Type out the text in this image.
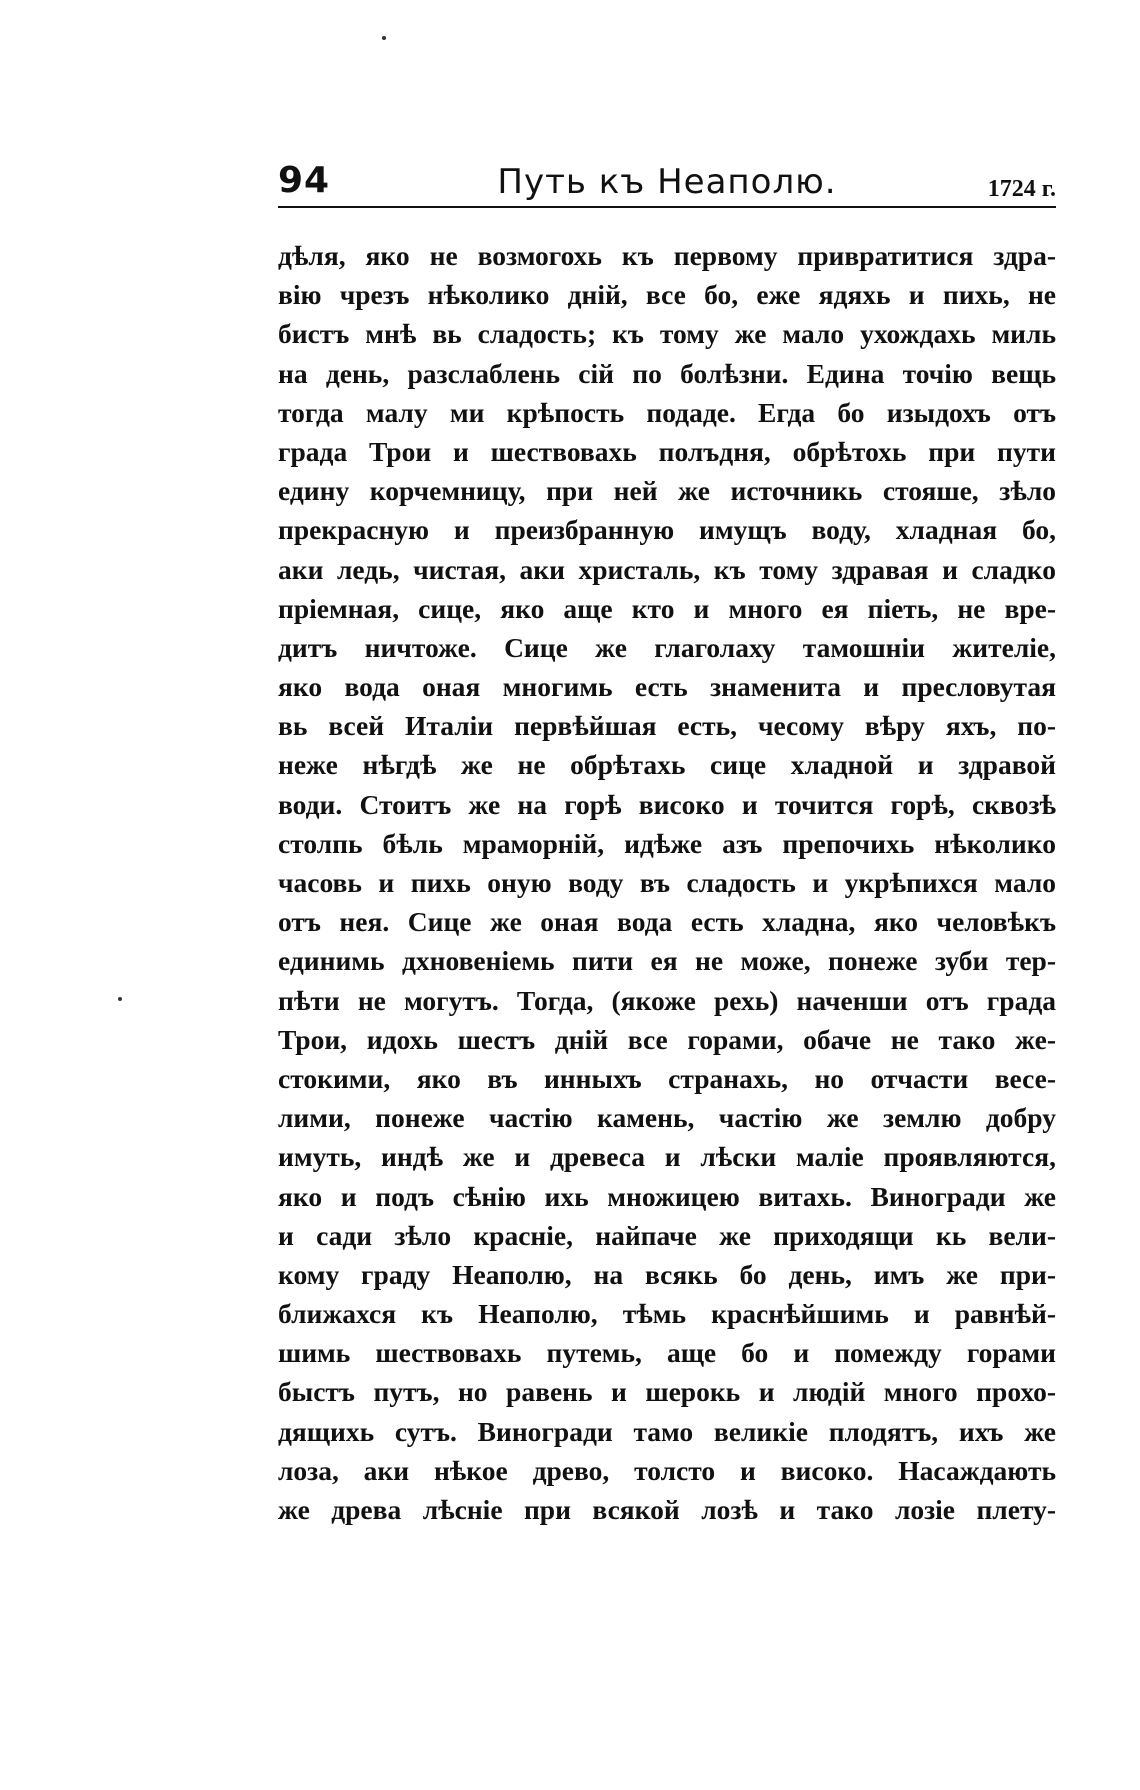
94	Путь къ Неаполю.	1724 г.
дѣля, яко не возмогохь къ первому привратитися здра-
вію чрезъ нѣколико днiй, все бо, еже ядяхь и пихь, не
бистъ мнѣ вь сладость; къ тому же мало ухождахь миль
на день, разслаблень сiй по болѣзни. Едина точiю вещь
тогда малу ми крѣпость подаде. Егда бо изыдохъ отъ
града Трои и шествовахь полъдня, обрѣтохь при пути
едину корчемницу, при ней же источникь стояше, зѣло
прекрасную и преизбранную имущъ воду, хладная бо,
аки ледь, чистая, аки христаль, къ тому здравая и сладко
прiемная, сице, яко аще кто и много ея пiеть, не вре-
дитъ ничтоже. Сице же глаголаху тамошнiи жителiе,
яко вода оная многимь есть знаменита и пресловутая
вь всей Италiи первѣйшая есть, чесому вѣру яхъ, по-
неже нѣгдѣ же не обрѣтахь сице хладной и здравой
води. Стоитъ же на горѣ високо и точится горѣ, сквозѣ
столпь бѣль мраморнiй, идѣже азъ препочихь нѣколико
часовь и пихь оную воду въ сладость и укрѣпихся мало
отъ нея. Сице же оная вода есть хладна, яко человѣкъ
единимь дхновенiемь пити ея не може, понеже зуби тер-
пѣти не могутъ. Тогда, (якоже рехь) наченши отъ града
Трои, идохь шестъ днiй все горами, обаче не тако же-
стокими, яко въ инныхъ странахь, но отчасти весе-
лими, понеже частiю камень, частiю же землю добру
имуть, индѣ же и древеса и лѣски малiе проявляются,
яко и подъ сѣнiю ихь множицею витахь. Виногради же
и сади зѣло краснiе, найпаче же приходящи кь вели-
кому граду Неаполю, на всякь бо день, имъ же при-
ближахся къ Неаполю, тѣмь краснѣйшимь и равнѣй-
шимь шествовахь путемь, аще бо и помежду горами
быстъ путъ, но равень и шерокь и людiй много прохо-
дящихь сутъ. Виногради тамо великiе плодятъ, ихъ же
лоза, аки нѣкое древо, толсто и високо. Насаждають
же древа лѣснiе при всякой лозѣ и тако лозiе плету-
